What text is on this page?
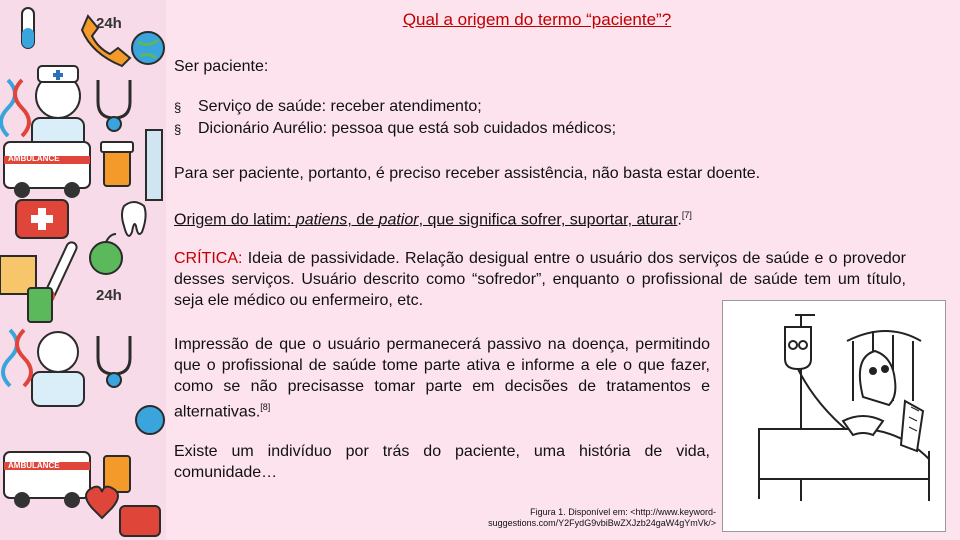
24h
AMBULANCE
24h
AMBULANCE
Qual a origem do termo “paciente”?
Ser paciente:
§ Serviço de saúde: receber atendimento;
§ Dicionário Aurélio: pessoa que está sob cuidados médicos;
Para ser paciente, portanto, é preciso receber assistência, não basta estar doente.
Origem do latim: patiens, de patior, que significa sofrer, suportar, aturar.[7]
CRÍTICA: Ideia de passividade. Relação desigual entre o usuário dos serviços de saúde e o provedor desses serviços. Usuário descrito como “sofredor”, enquanto o profissional de saúde tem um título, seja ele médico ou enfermeiro, etc.
Impressão de que o usuário permanecerá passivo na doença, permitindo que o profissional de saúde tome parte ativa e informe a ele o que fazer, como se não precisasse tomar parte em decisões de tratamentos e alternativas.[8]
Existe um indivíduo por trás do paciente, uma história de vida, comunidade…
Figura 1. Disponível em: <http://www.keyword-
suggestions.com/Y2FydG9vbiBwZXJzb24gaW4gYmVk/>
